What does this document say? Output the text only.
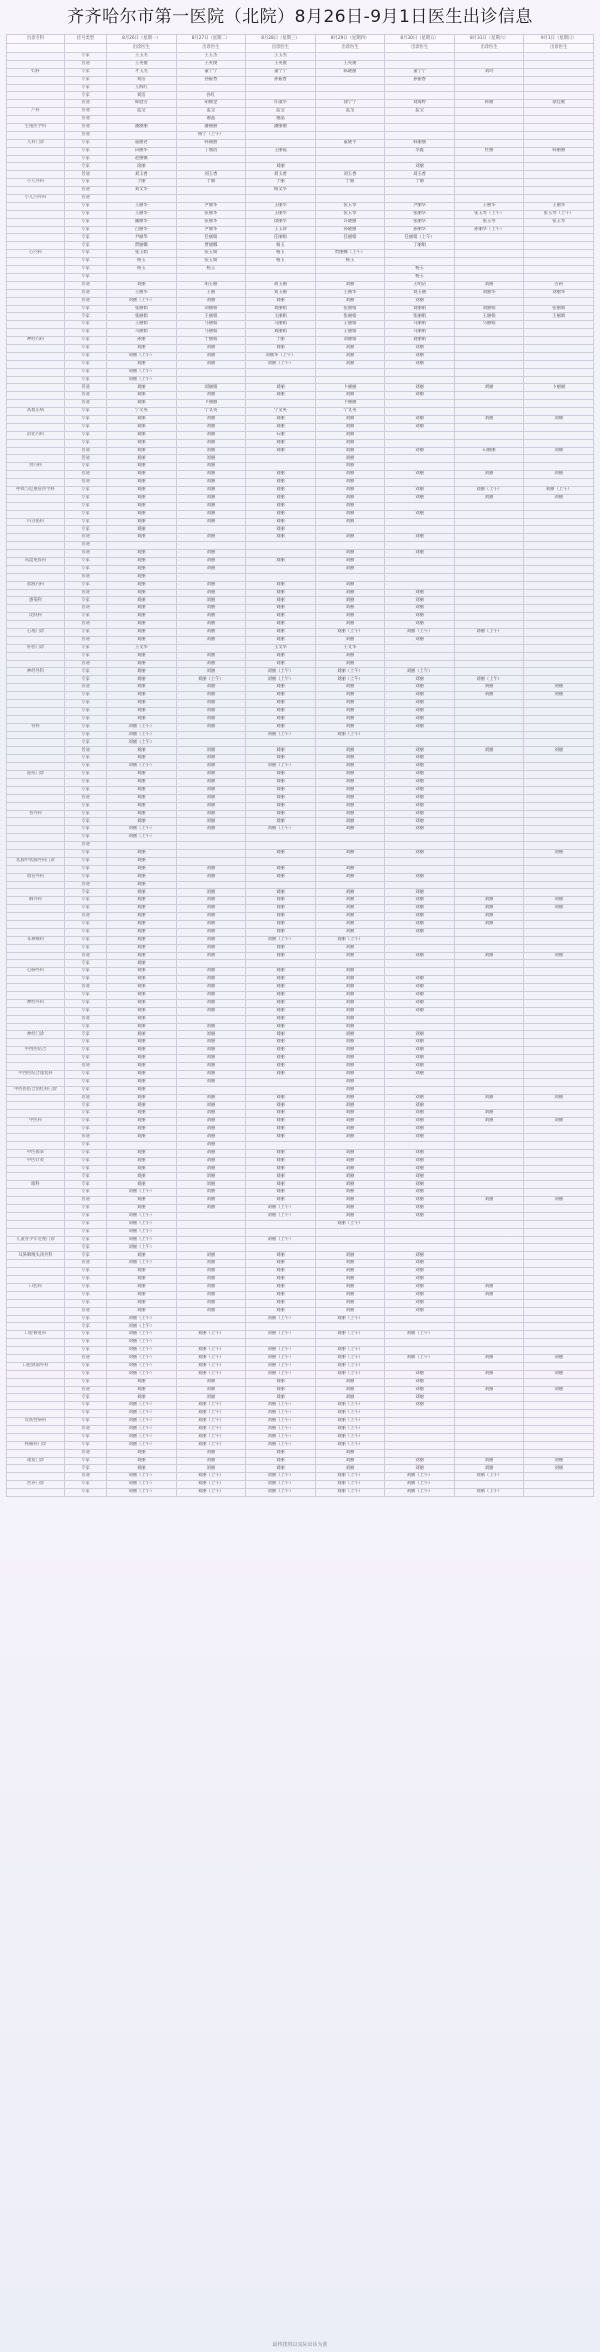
齐齐哈尔市第一医院（北院）8月26日-9月1日医生出诊信息
出诊专科	挂号类型	8月26日（星期一）	8月27日（星期二）	8月28日（星期三）	8月29日（星期四）	8月30日（星期五）	8月31日（星期六）	9月1日（星期日）
		出诊医生	出诊医生	出诊医生	出诊医生	出诊医生	出诊医生	出诊医生
	专家	王玉杰	王玉杰	王玉杰				
	普通	王英俊	王英俊	王英俊	王英俊			
妇科	专家	才玉杰	董宁宁	董宁宁	陈晓丽	董宁宁	刘玲	
	专家	刘洁	孙振香	孙振香		孙振香		
	专家	王海红						
	专家	刘洁	孙红					
	普通	韩庭雪	胡丽金	许淑华	徐宁宁	刘海婷	韩丽	徐佳妮
产科	普通	蓝莹	蓝莹	蓝莹	蓝莹	蓝莹		
	普通		谢晶	谢晶				
生殖医学科	普通	潘丽丽	潘丽丽	潘丽丽				
	普通		杨宁（上午）					
儿科门诊	专家	董丽君	韩丽丽		董晓平	韩丽丽		
	专家	田丽华	丁丽清	王丽霞		李鑫	杜丽	韩丽丽
	专家	赵丽娜						
	专家	徐丽		刘丽		刘丽		
	普通	刘玉香	刘玉香	刘玉香	刘玉香	刘玉香		
小儿外科	专家	于丽	于丽	于丽	于丽	于丽		
	普通	刘文华		杨文华				
小儿内外科	普通							
	专家	王丽华	尹丽华	王丽华	张玉琴	尹丽华	王丽华	王丽华
	专家	王丽华	张丽华	王丽华	张玉琴	张丽华	张玉琴（上午）	张玉琴（上午）
	专家	魏丽华	张丽华	徐丽华	许晓丽	张丽华	张玉琴	张玉琴
	专家	吕丽华	尹丽华	王玉珍	孙晓丽	孙丽华	孙丽华（上午）	
	专家	尹丽华	任丽娟	任丽娟	任丽娟	任丽娟（上午）		
	专家	贾丽娜	贾丽娜	杨玉		丁丽娟		
心内科	专家	张玉娟	张玉娟	杨玉	贾丽娜（上午）			
	专家	杨玉	张玉娟	杨玉	杨玉			
	专家	杨玉	杨玉			杨玉		
	专家					杨玉		
	普通	刘丽	胡玉丽	胡玉丽	刘丽	王明洁	刘丽	古莉
	普通	王丽华	王丽	刘玉丽	王丽华	刘玉丽	刘丽华	刘丽华
	普通	刘丽（上午）	刘丽	刘丽	刘丽	刘丽		
	专家	张丽娟	刘丽娟	刘丽娟	张丽娟	刘丽娟	刘丽娟	张丽娟
	专家	张丽娟	王丽娟	王丽娟	张丽娟	张丽娟	王丽娟	王丽娟
	专家	王丽娟	马丽娟	马丽娟	王丽娟	马丽娟	马丽娟	
	专家	马丽娟	马丽娟	刘丽娟	王丽娟	马丽娟		
神经内科	专家	孙丽	于丽娟	于丽	刘丽娟	刘丽娟		
	专家	刘丽	刘丽	刘丽	刘丽	刘丽		
	专家	刘丽（上午）	刘丽	刘丽华（上午）	刘丽	刘丽		
	专家	刘丽	刘丽	刘丽（上午）	刘丽	刘丽		
	专家	刘丽（上午）						
	专家	刘丽（上午）						
	普通	刘丽	刘丽娟	刘丽	卜丽丽	刘丽	刘丽	卜丽丽
	普通	刘丽	刘丽	刘丽	刘丽	刘丽		
	普通	刘丽	卜丽丽		卜丽丽			
高血压病	专家	宁文英	宁文英	宁文英	宁文英			
	专家	刘丽	刘丽	刘丽	刘丽	刘丽	刘丽	刘丽
	专家	刘丽	刘丽	刘丽	刘丽	刘丽		
消化内科	专家	刘丽	刘丽	石丽	刘丽			
	专家	刘丽	刘丽	刘丽	刘丽			
	普通	刘丽	刘丽	刘丽	刘丽	刘丽	石丽丽	刘丽
	普通	刘丽	刘丽		刘丽			
肾内科	专家	刘丽	刘丽		刘丽			
	普通	刘丽	刘丽	刘丽	刘丽	刘丽	刘丽	刘丽
	普通	刘丽	刘丽	刘丽	刘丽			
呼吸与危重症医学科	专家	刘丽	刘丽	刘丽	刘丽	刘丽	刘丽（上午）	刘丽（上午）
	专家	刘丽	刘丽	刘丽	刘丽	刘丽	刘丽	刘丽
	专家	刘丽	刘丽	刘丽	刘丽			
	专家	刘丽	刘丽	刘丽	刘丽	刘丽		
内分泌科	专家	刘丽	刘丽	刘丽	刘丽			
	专家	刘丽		刘丽				
	普通	刘丽	刘丽	刘丽	刘丽	刘丽		
	普通							
	普通	刘丽	刘丽		刘丽	刘丽		
风湿免疫科	专家	刘丽	刘丽	刘丽	刘丽			
	专家	刘丽	刘丽		刘丽			
	普通	刘丽						
血液内科	专家	刘丽	刘丽	刘丽	刘丽			
	普通	刘丽	刘丽	刘丽	刘丽	刘丽		
感染科	专家	刘丽	刘丽	刘丽	刘丽	刘丽		
	普通	刘丽	刘丽	刘丽	刘丽	刘丽		
皮肤科	专家	刘丽	刘丽	刘丽	刘丽	刘丽		
	普通	刘丽	刘丽	刘丽	刘丽	刘丽		
心理门诊	专家	刘丽	刘丽	刘丽	刘丽（上午）	刘丽（上午）	刘丽（上午）	
	普通	刘丽	刘丽	刘丽	刘丽	刘丽		
肝胆门诊	专家	王文华		王文华	王文华			
	专家	刘丽	刘丽	刘丽	刘丽			
	普通	刘丽	刘丽	刘丽	刘丽			
神经外科	专家	刘丽	刘丽	刘丽（上午）	刘丽（上午）	刘丽（上午）		
	专家	刘丽	刘丽（上午）	刘丽（上午）	刘丽（上午）	刘丽	刘丽（上午）	
	普通	刘丽	刘丽	刘丽	刘丽	刘丽	刘丽	刘丽
	专家	刘丽	刘丽	刘丽	刘丽	刘丽	刘丽	刘丽
	专家	刘丽	刘丽	刘丽	刘丽	刘丽		
	专家	刘丽	刘丽	刘丽	刘丽	刘丽		
	专家	刘丽	刘丽	刘丽	刘丽	刘丽		
骨科	专家	刘丽（上午）	刘丽	刘丽	刘丽	刘丽		
	专家	刘丽（上午）		刘丽（上午）	刘丽（上午）			
	专家	刘丽（上午）						
	普通	刘丽	刘丽	刘丽	刘丽	刘丽	刘丽	刘丽
	专家	刘丽	刘丽	刘丽	刘丽	刘丽		
	专家	刘丽（上午）	刘丽	刘丽（上午）	刘丽	刘丽		
泌尿门诊	专家	刘丽	刘丽	刘丽	刘丽	刘丽		
	专家	刘丽	刘丽	刘丽	刘丽	刘丽		
	专家	刘丽	刘丽	刘丽	刘丽	刘丽		
	普通	刘丽	刘丽	刘丽	刘丽	刘丽		
	专家	刘丽	刘丽	刘丽	刘丽	刘丽		
普外科	专家	刘丽	刘丽	刘丽	刘丽	刘丽		
	专家	刘丽	刘丽	刘丽	刘丽	刘丽		
	专家	刘丽（上午）	刘丽	刘丽（上午）	刘丽	刘丽		
	专家	刘丽（上午）						
	普通							
	专家	刘丽		刘丽	刘丽	刘丽		刘丽
乳腺甲状腺外科门诊	专家	刘丽						
	专家	刘丽	刘丽	刘丽	刘丽			
血管外科	专家	刘丽	刘丽	刘丽	刘丽	刘丽		
	普通	刘丽						
	专家	刘丽	刘丽	刘丽	刘丽	刘丽		
胸外科	专家	刘丽	刘丽	刘丽	刘丽	刘丽	刘丽	刘丽
	专家	刘丽	刘丽	刘丽	刘丽	刘丽	刘丽	刘丽
	普通	刘丽	刘丽	刘丽	刘丽	刘丽	刘丽	
	专家	刘丽	刘丽	刘丽	刘丽	刘丽	刘丽	
	专家	刘丽	刘丽	刘丽	刘丽	刘丽		
耳鼻喉科	专家	刘丽	刘丽	刘丽（上午）	刘丽（上午）			
	专家	刘丽	刘丽	刘丽	刘丽			
	普通	刘丽	刘丽	刘丽	刘丽	刘丽	刘丽	刘丽
	专家	刘丽						
心胸外科	专家	刘丽	刘丽	刘丽	刘丽			
	专家	刘丽	刘丽	刘丽	刘丽	刘丽		
	普通	刘丽	刘丽	刘丽	刘丽	刘丽		
	专家	刘丽	刘丽	刘丽	刘丽	刘丽		
神经外科	专家	刘丽	刘丽	刘丽	刘丽	刘丽		
	专家	刘丽	刘丽	刘丽	刘丽	刘丽		
	普通	刘丽		刘丽	刘丽			
	专家	刘丽	刘丽	刘丽	刘丽			
神经门诊	专家	刘丽	刘丽	刘丽	刘丽	刘丽		
	专家	刘丽	刘丽	刘丽	刘丽	刘丽		
中西医结合	专家	刘丽	刘丽	刘丽	刘丽	刘丽		
	专家	刘丽	刘丽	刘丽	刘丽	刘丽		
	普通	刘丽	刘丽	刘丽	刘丽	刘丽		
中西医结合康复科	专家	刘丽	刘丽	刘丽	刘丽	刘丽		
	专家	刘丽	刘丽		刘丽			
中西医结合消化科门诊	专家	刘丽			刘丽			
	普通	刘丽	刘丽	刘丽	刘丽	刘丽	刘丽	刘丽
	专家	刘丽	刘丽	刘丽	刘丽	刘丽		
	专家	刘丽	刘丽	刘丽	刘丽	刘丽	刘丽	
中医科	专家	刘丽	刘丽	刘丽	刘丽	刘丽	刘丽	刘丽
	专家	刘丽	刘丽	刘丽	刘丽	刘丽		
	普通	刘丽	刘丽	刘丽	刘丽	刘丽		
	专家		刘丽					
中医推拿	专家	刘丽	刘丽	刘丽	刘丽	刘丽		
中医针灸	专家	刘丽	刘丽	刘丽	刘丽	刘丽		
	专家	刘丽	刘丽	刘丽	刘丽	刘丽		
	专家	刘丽	刘丽	刘丽	刘丽	刘丽		
眼科	专家	刘丽	刘丽	刘丽	刘丽	刘丽		
	专家	刘丽（上午）	刘丽	刘丽	刘丽	刘丽		
	普通	刘丽	刘丽	刘丽	刘丽	刘丽	刘丽	刘丽
	专家	刘丽	刘丽	刘丽（上午）	刘丽	刘丽		
	专家	刘丽（上午）		刘丽（上午）	刘丽	刘丽		
	专家	刘丽（上午）			刘丽（上午）			
	专家	刘丽（上午）						
儿童青少年近视门诊	专家	刘丽（上午）		刘丽（上午）				
	专家	刘丽（上午）						
耳鼻咽喉头颈外科	专家	刘丽	刘丽	刘丽	刘丽	刘丽		
	普通	刘丽（上午）	刘丽	刘丽	刘丽	刘丽		
	专家	刘丽	刘丽	刘丽	刘丽	刘丽		
	专家	刘丽	刘丽	刘丽	刘丽	刘丽		
口腔科	专家	刘丽	刘丽	刘丽	刘丽	刘丽	刘丽	
	专家	刘丽	刘丽	刘丽	刘丽	刘丽	刘丽	
	专家	刘丽	刘丽	刘丽	刘丽	刘丽		
	普通	刘丽	刘丽	刘丽	刘丽	刘丽		
	专家	刘丽（上午）		刘丽（上午）	刘丽（上午）			
	专家	刘丽（上午）						
口腔修复科	专家	刘丽（上午）	刘丽（上午）	刘丽（上午）	刘丽（上午）	刘丽（上午）		
	专家	刘丽（上午）						
	专家	刘丽（上午）	刘丽（上午）	刘丽（上午）	刘丽（上午）			
	普通	刘丽（上午）	刘丽（上午）	刘丽（上午）	刘丽（上午）	刘丽（上午）	刘丽	刘丽
口腔颌面外科	专家	刘丽（上午）	刘丽（上午）	刘丽（上午）	刘丽（上午）			
	专家	刘丽（上午）	刘丽（上午）	刘丽（上午）	刘丽（上午）	刘丽	刘丽	刘丽
	专家	刘丽	刘丽	刘丽	刘丽	刘丽		
	普通	刘丽	刘丽	刘丽	刘丽	刘丽	刘丽	刘丽
	专家	刘丽	刘丽	刘丽	刘丽	刘丽		
	专家	刘丽（上午）	刘丽（上午）	刘丽（上午）	刘丽（上午）	刘丽		
	专家	刘丽（上午）	刘丽（上午）	刘丽（上午）	刘丽（上午）			
皮肤性病科	专家	刘丽（上午）	刘丽（上午）	刘丽（上午）	刘丽（上午）			
	普通	刘丽（上午）	刘丽（上午）	刘丽（上午）	刘丽（上午）			
	专家	刘丽（上午）	刘丽（上午）	刘丽（上午）	刘丽（上午）			
疼痛科门诊	专家	刘丽（上午）	刘丽（上午）	刘丽（上午）	刘丽（上午）			
	普通	刘丽	刘丽	刘丽	刘丽			
康复门诊	专家	刘丽	刘丽	刘丽	刘丽	刘丽	刘丽	刘丽
	专家	刘丽	刘丽	刘丽	刘丽	刘丽	刘丽	刘丽
	普通	刘丽（上午）	刘丽（上午）	刘丽（上午）	刘丽（上午）	刘丽（上午）	刘丽（上午）	
营养门诊	专家	刘丽（上午）	刘丽（上午）	刘丽（上午）	刘丽（上午）	刘丽（上午）		
	专家	刘丽（上午）	刘丽（上午）	刘丽（上午）	刘丽（上午）	刘丽（上午）	刘丽（上午）	
最终排班以实际出诊为准
